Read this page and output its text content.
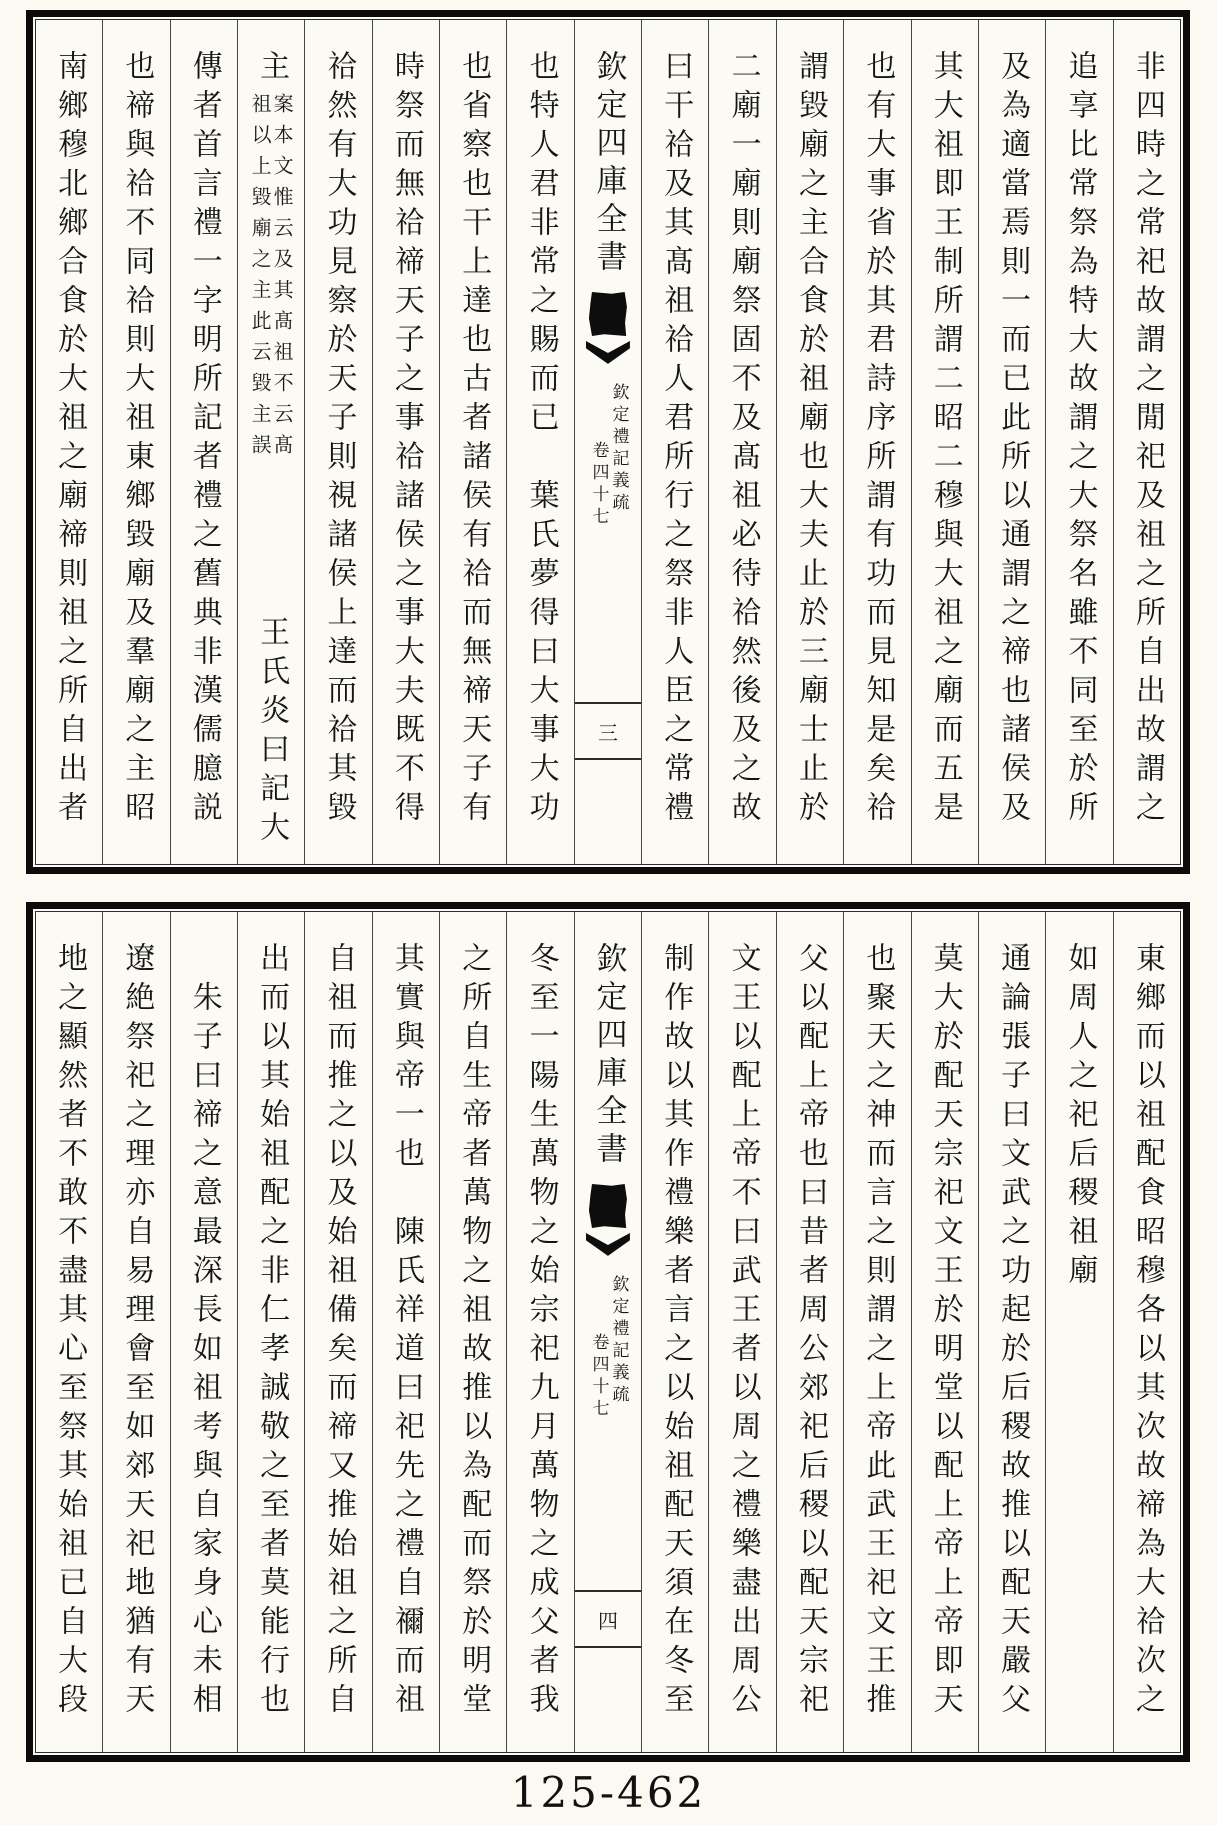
非四時之常祀故謂之閒祀及祖之所自出故謂之
追享比常祭為特大故謂之大祭名雖不同至於所
及為適當焉則一而已此所以通謂之禘也諸侯及
其大祖即王制所謂二昭二穆與大祖之廟而五是
也有大事省於其君詩序所謂有功而見知是矣祫
謂毀廟之主合食於祖廟也大夫止於三廟士止於
二廟一廟則廟祭固不及髙祖必待祫然後及之故
曰干祫及其髙祖祫人君所行之祭非人臣之常禮
欽定四庫全書
欽定禮記義疏
卷四十七
三
也特人君非常之賜而已　葉氏夢得曰大事大功
也省察也干上達也古者諸侯有祫而無禘天子有
時祭而無祫禘天子之事祫諸侯之事大夫既不得
祫然有大功見察於天子則視諸侯上達而祫其毀
主
案本文惟云及其髙祖不云髙
祖以上毀廟之主此云毀主誤
王氏炎曰記大
傳者首言禮一字明所記者禮之舊典非漢儒臆説
也禘與祫不同祫則大祖東鄉毀廟及羣廟之主昭
南鄉穆北鄉合食於大祖之廟禘則祖之所自出者
東鄉而以祖配食昭穆各以其次故禘為大祫次之
如周人之祀后稷祖廟
通論張子曰文武之功起於后稷故推以配天嚴父
莫大於配天宗祀文王於明堂以配上帝上帝即天
也聚天之神而言之則謂之上帝此武王祀文王推
父以配上帝也曰昔者周公郊祀后稷以配天宗祀
文王以配上帝不曰武王者以周之禮樂盡出周公
制作故以其作禮樂者言之以始祖配天須在冬至
欽定四庫全書
欽定禮記義疏
卷四十七
四
冬至一陽生萬物之始宗祀九月萬物之成父者我
之所自生帝者萬物之祖故推以為配而祭於明堂
其實與帝一也　陳氏祥道曰祀先之禮自禰而祖
自祖而推之以及始祖備矣而禘又推始祖之所自
出而以其始祖配之非仁孝誠敬之至者莫能行也
　朱子曰禘之意最深長如祖考與自家身心未相
遼絶祭祀之理亦自易理會至如郊天祀地猶有天
地之顯然者不敢不盡其心至祭其始祖已自大段
125-462
